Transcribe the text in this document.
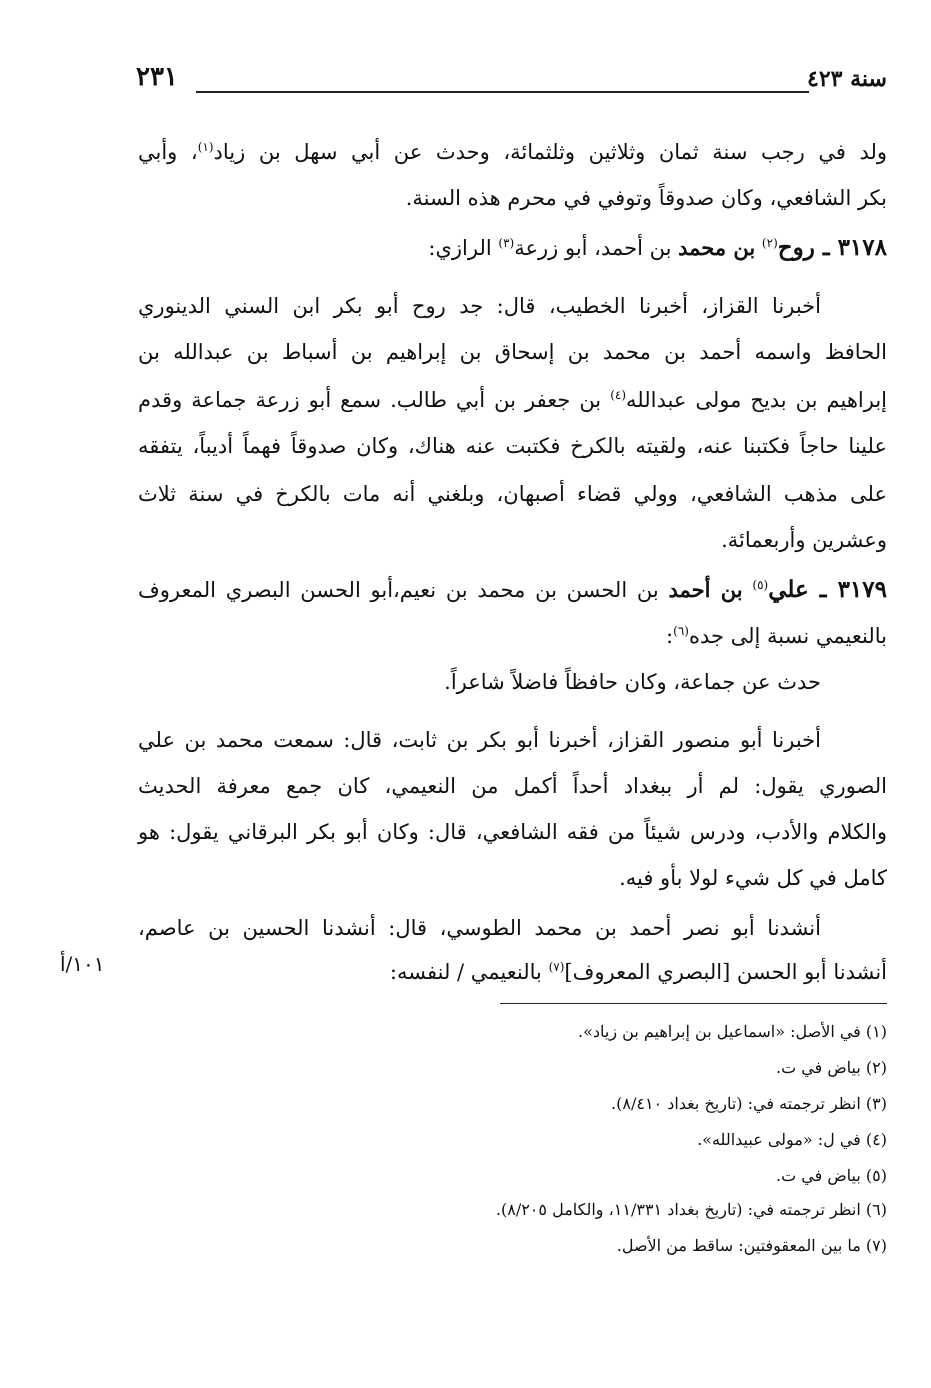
سنة ٤٢٣
٢٣١
ولد في رجب سنة ثمان وثلاثين وثلثمائة، وحدث عن أبي سهل بن زياد$^{(١)}$، وأبي
بكر الشافعي، وكان صدوقاً وتوفي في محرم هذه السنة.
٣١٧٨ ـ روح$^{(٢)}$ بن محمد بن أحمد، أبو زرعة$^{(٣)}$ الرازي:
أخبرنا القزاز، أخبرنا الخطيب، قال: جد روح أبو بكر ابن السني الدينوري
الحافظ واسمه أحمد بن محمد بن إسحاق بن إبراهيم بن أسباط بن عبدالله بن
إبراهيم بن بديح مولى عبدالله$^{(٤)}$ بن جعفر بن أبي طالب. سمع أبو زرعة جماعة وقدم
علينا حاجاً فكتبنا عنه، ولقيته بالكرخ فكتبت عنه هناك، وكان صدوقاً فهماً أديباً، يتفقه
على مذهب الشافعي، وولي قضاء أصبهان، وبلغني أنه مات بالكرخ في سنة ثلاث
وعشرين وأربعمائة.
٣١٧٩ ـ علي$^{(٥)}$ بن أحمد بن الحسن بن محمد بن نعيم،أبو الحسن البصري المعروف
بالنعيمي نسبة إلى جده$^{(٦)}$:
حدث عن جماعة، وكان حافظاً فاضلاً شاعراً.
أخبرنا أبو منصور القزاز، أخبرنا أبو بكر بن ثابت، قال: سمعت محمد بن علي
الصوري يقول: لم أر ببغداد أحداً أكمل من النعيمي، كان جمع معرفة الحديث
والكلام والأدب، ودرس شيئاً من فقه الشافعي، قال: وكان أبو بكر البرقاني يقول: هو
كامل في كل شيء لولا بأو فيه.
أنشدنا أبو نصر أحمد بن محمد الطوسي، قال: أنشدنا الحسين بن عاصم،
أنشدنا أبو الحسن [البصري المعروف]$^{(٧)}$ بالنعيمي / لنفسه:
١٠١/أ
(١) في الأصل: «اسماعيل بن إبراهيم بن زياد».
(٢) بياض في ت.
(٣) انظر ترجمته في: (تاريخ بغداد ٨/٤١٠).
(٤) في ل: «مولى عبيدالله».
(٥) بياض في ت.
(٦) انظر ترجمته في: (تاريخ بغداد ١١/٣٣١، والكامل ٨/٢٠٥).
(٧) ما بين المعقوفتين: ساقط من الأصل.
